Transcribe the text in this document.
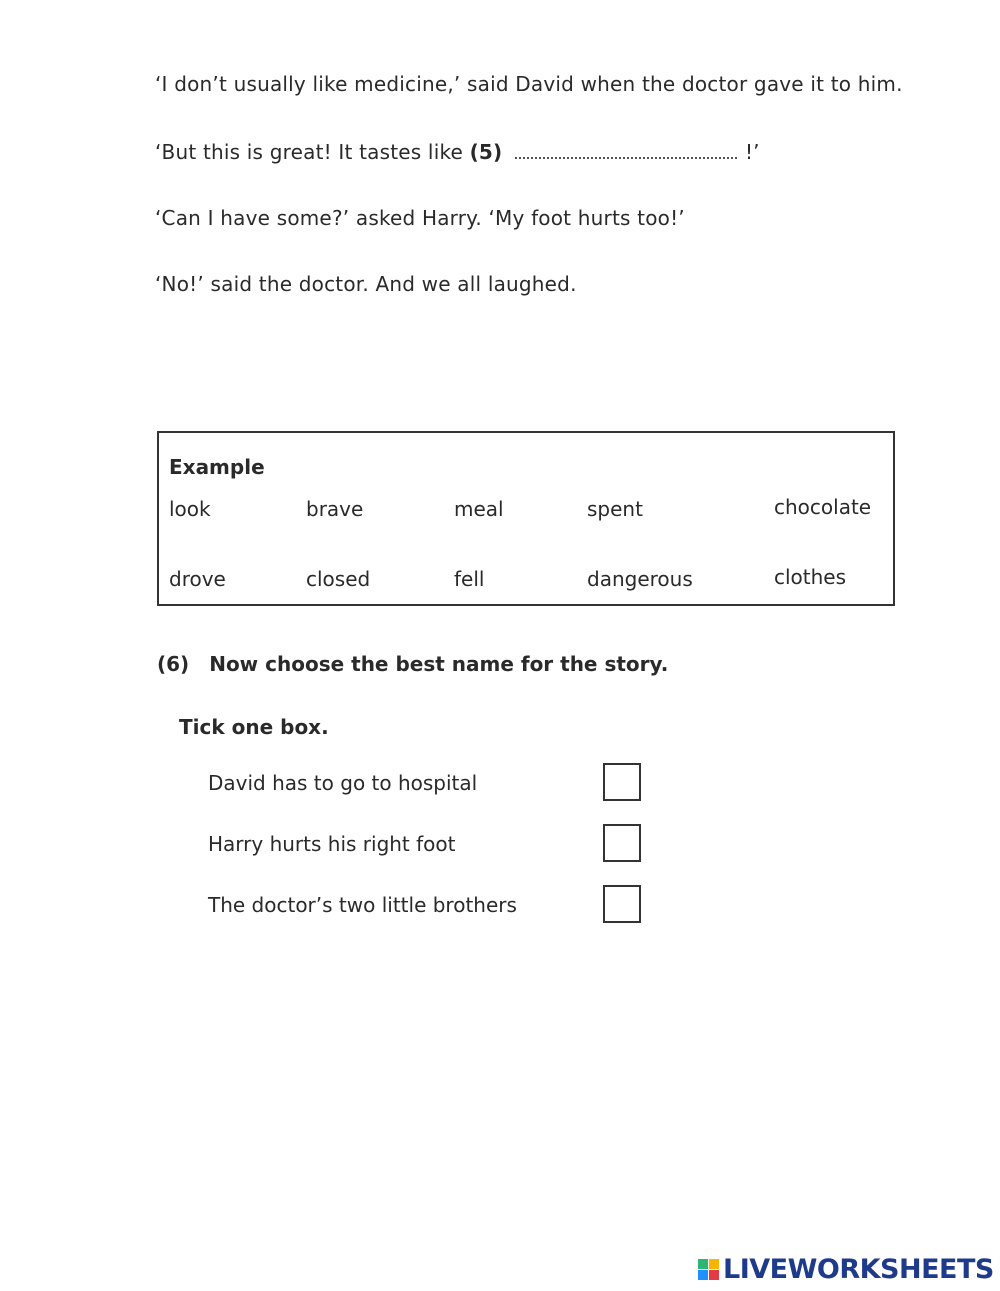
‘I don’t usually like medicine,’ said David when the doctor gave it to him.
‘But this is great! It tastes like (5)	!’
‘Can I have some?’ asked Harry. ‘My foot hurts too!’
‘No!’ said the doctor. And we all laughed.
Example
look	brave	meal	spent	chocolate
drove	closed	fell	dangerous	clothes
(6) Now choose the best name for the story.
Tick one box.
David has to go to hospital
Harry hurts his right foot
The doctor’s two little brothers
LIVEWORKSHEETS
